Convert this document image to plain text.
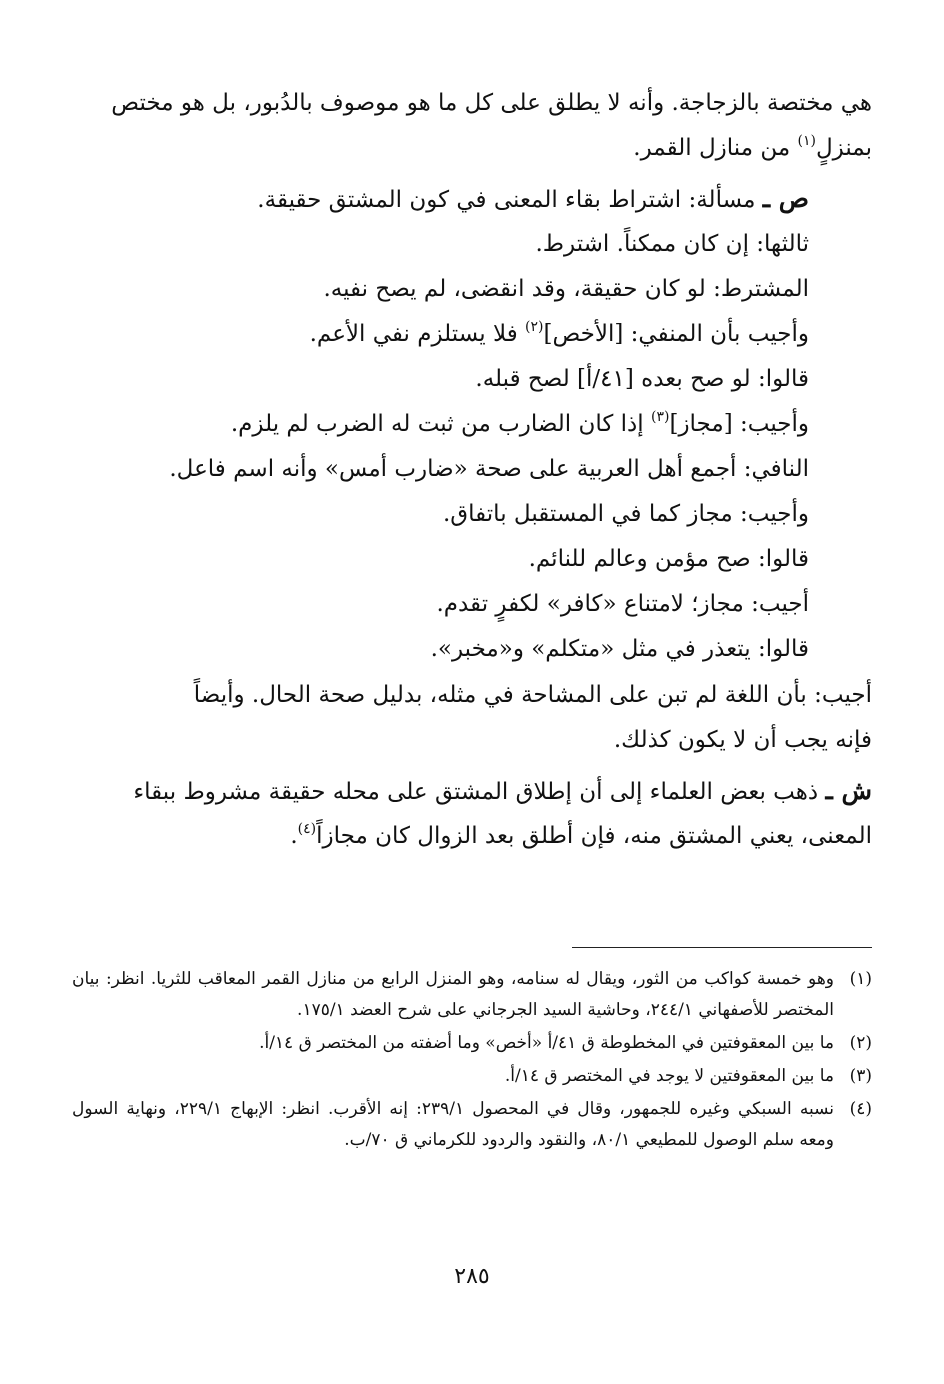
هي مختصة بالزجاجة. وأنه لا يطلق على كل ما هو موصوف بالدُبور، بل هو مختص
بمنزلٍ$^{(١)}$ من منازل القمر.

ص ـ مسألة: اشتراط بقاء المعنى في كون المشتق حقيقة.
ثالثها: إن كان ممكناً. اشترط.
المشترط: لو كان حقيقة، وقد انقضى، لم يصح نفيه.
وأجيب بأن المنفي: [الأخص]$^{(٢)}$ فلا يستلزم نفي الأعم.
قالوا: لو صح بعده [٤١/أ] لصح قبله.
وأجيب: [مجاز]$^{(٣)}$ إذا كان الضارب من ثبت له الضرب لم يلزم.
النافي: أجمع أهل العربية على صحة «ضارب أمس» وأنه اسم فاعل.
وأجيب: مجاز كما في المستقبل باتفاق.
قالوا: صح مؤمن وعالم للنائم.
أجيب: مجاز؛ لامتناع «كافر» لكفرٍ تقدم.
قالوا: يتعذر في مثل «متكلم» و«مخبر».

أجيب: بأن اللغة لم تبن على المشاحة في مثله، بدليل صحة الحال. وأيضاً
فإنه يجب أن لا يكون كذلك.

ش ـ ذهب بعض العلماء إلى أن إطلاق المشتق على محله حقيقة مشروط ببقاء
المعنى، يعني المشتق منه، فإن أطلق بعد الزوال كان مجازاً$^{(٤)}$.

(١)
وهو خمسة كواكب من الثور، ويقال له سنامه، وهو المنزل الرابع من منازل القمر المعاقب للثريا. انظر: بيان المختصر للأصفهاني ٢٤٤/١، وحاشية السيد الجرجاني على شرح العضد ١٧٥/١.
(٢)
ما بين المعقوفتين في المخطوطة ق ٤١/أ «أخص» وما أضفته من المختصر ق ١٤/أ.
(٣)
ما بين المعقوفتين لا يوجد في المختصر ق ١٤/أ.
(٤)
نسبه السبكي وغيره للجمهور، وقال في المحصول ٢٣٩/١: إنه الأقرب. انظر: الإبهاج ٢٢٩/١، ونهاية السول ومعه سلم الوصول للمطيعي ٨٠/١، والنقود والردود للكرماني ق ٧٠/ب.
٢٨٥
